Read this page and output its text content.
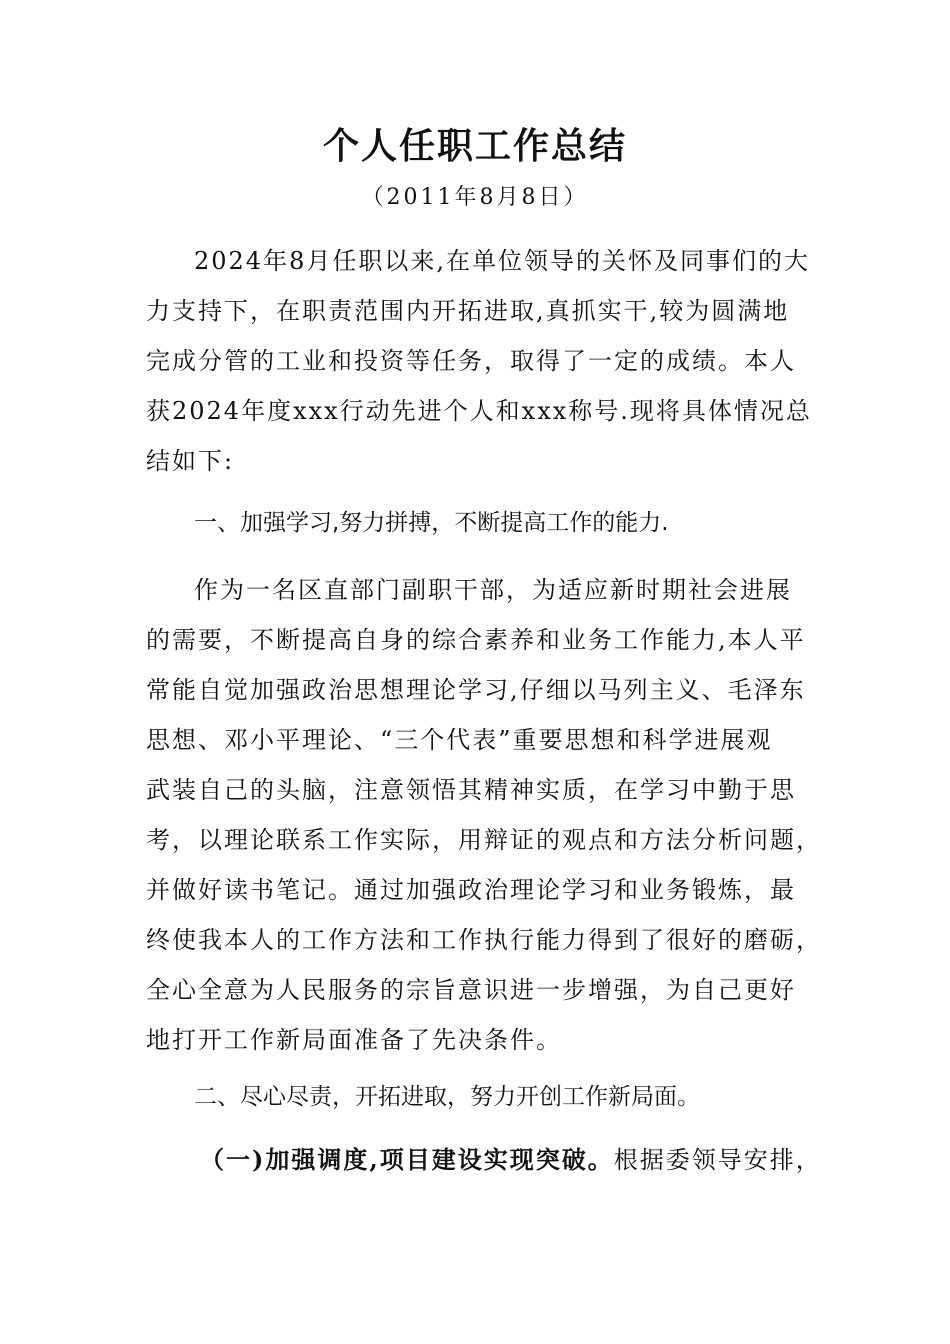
个人任职工作总结
（2011年8月8日）
2024年8月任职以来,在单位领导的关怀及同事们的大
力支持下，在职责范围内开拓进取,真抓实干,较为圆满地
完成分管的工业和投资等任务，取得了一定的成绩。本人
获2024年度xxx行动先进个人和xxx称号.现将具体情况总
结如下:
一、加强学习,努力拼搏，不断提高工作的能力.
作为一名区直部门副职干部，为适应新时期社会进展
的需要，不断提高自身的综合素养和业务工作能力,本人平
常能自觉加强政治思想理论学习,仔细以马列主义、毛泽东
思想、邓小平理论、“三个代表”重要思想和科学进展观
武装自己的头脑，注意领悟其精神实质，在学习中勤于思
考，以理论联系工作实际，用辩证的观点和方法分析问题，
并做好读书笔记。通过加强政治理论学习和业务锻炼，最
终使我本人的工作方法和工作执行能力得到了很好的磨砺，
全心全意为人民服务的宗旨意识进一步增强，为自己更好
地打开工作新局面准备了先决条件。
二、尽心尽责，开拓进取，努力开创工作新局面。
（一)加强调度,项目建设实现突破。根据委领导安排，
